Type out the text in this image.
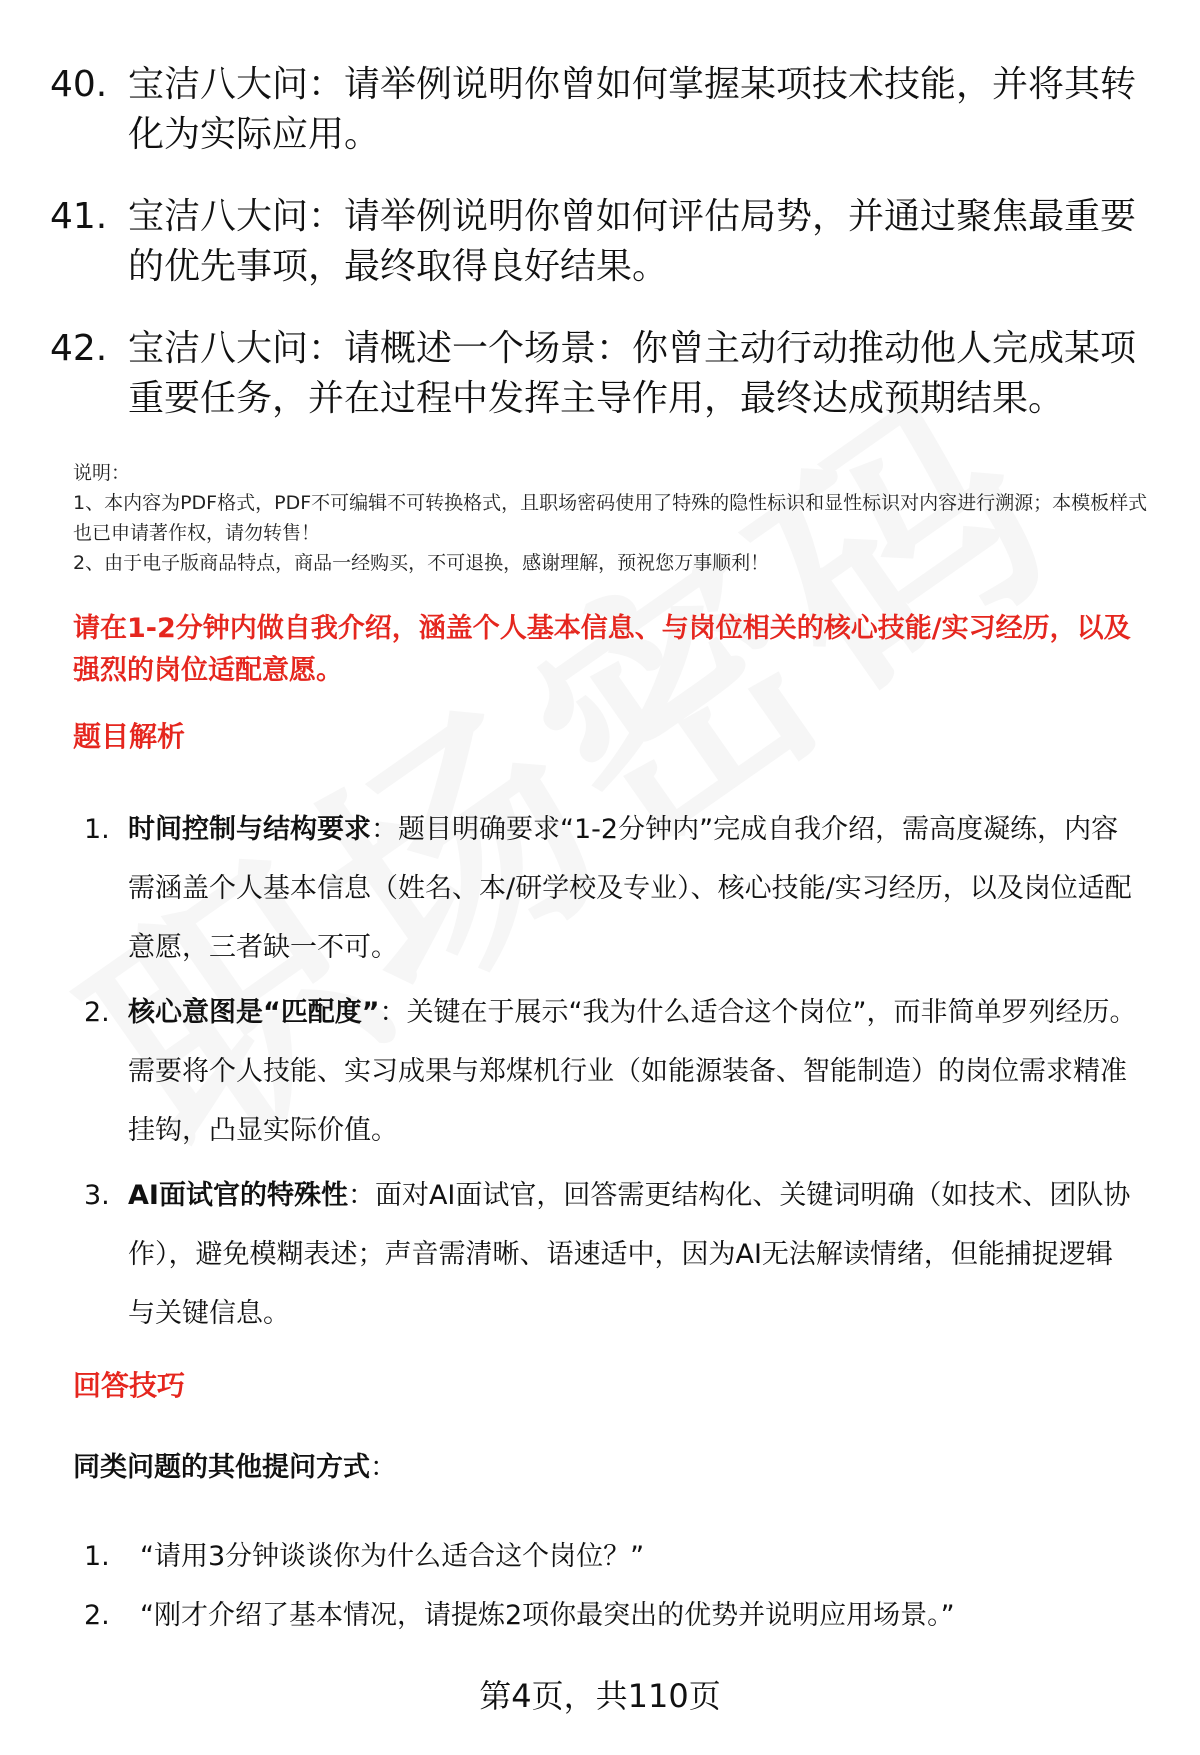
40. 宝洁八大问：请举例说明你曾如何掌握某项技术技能，并将其转化为实际应用。
41. 宝洁八大问：请举例说明你曾如何评估局势，并通过聚焦最重要的优先事项，最终取得良好结果。
42. 宝洁八大问：请概述一个场景：你曾主动行动推动他人完成某项重要任务，并在过程中发挥主导作用，最终达成预期结果。
说明：
1、本内容为PDF格式，PDF不可编辑不可转换格式，且职场密码使用了特殊的隐性标识和显性标识对内容进行溯源；本模板样式也已申请著作权，请勿转售！
2、由于电子版商品特点，商品一经购买，不可退换，感谢理解，预祝您万事顺利！
请在1-2分钟内做自我介绍，涵盖个人基本信息、与岗位相关的核心技能/实习经历，以及强烈的岗位适配意愿。
题目解析
1. 时间控制与结构要求：题目明确要求“1-2分钟内”完成自我介绍，需高度凝练，内容需涵盖个人基本信息（姓名、本/研学校及专业）、核心技能/实习经历，以及岗位适配意愿，三者缺一不可。
2. 核心意图是“匹配度”：关键在于展示“我为什么适合这个岗位”，而非简单罗列经历。需要将个人技能、实习成果与郑煤机行业（如能源装备、智能制造）的岗位需求精准挂钩，凸显实际价值。
3. AI面试官的特殊性：面对AI面试官，回答需更结构化、关键词明确（如技术、团队协作），避免模糊表述；声音需清晰、语速适中，因为AI无法解读情绪，但能捕捉逻辑与关键信息。
回答技巧
同类问题的其他提问方式：
1. “请用3分钟谈谈你为什么适合这个岗位？”
2. “刚才介绍了基本情况，请提炼2项你最突出的优势并说明应用场景。”
第4页，共110页
